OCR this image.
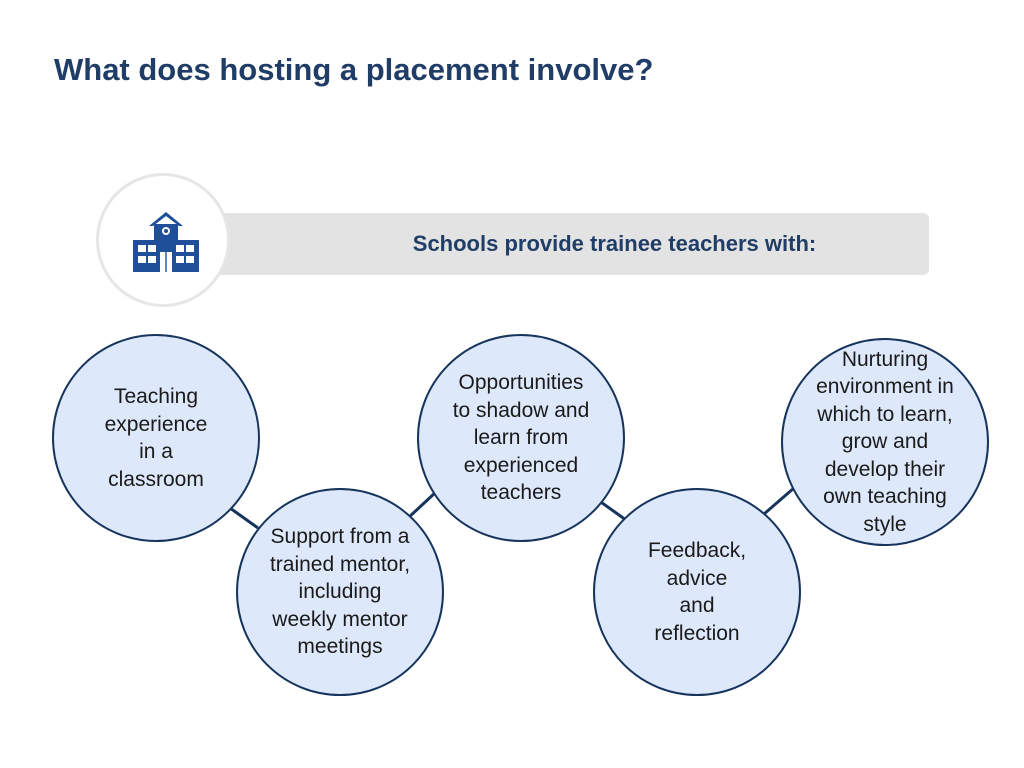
What does hosting a placement involve?
Schools provide trainee teachers with:
Teaching
experience
in a
classroom
Support from a
trained mentor,
including
weekly mentor
meetings
Opportunities
to shadow and
learn from
experienced
teachers
Feedback,
advice
and
reflection
Nurturing
environment in
which to learn,
grow and
develop their
own teaching
style
